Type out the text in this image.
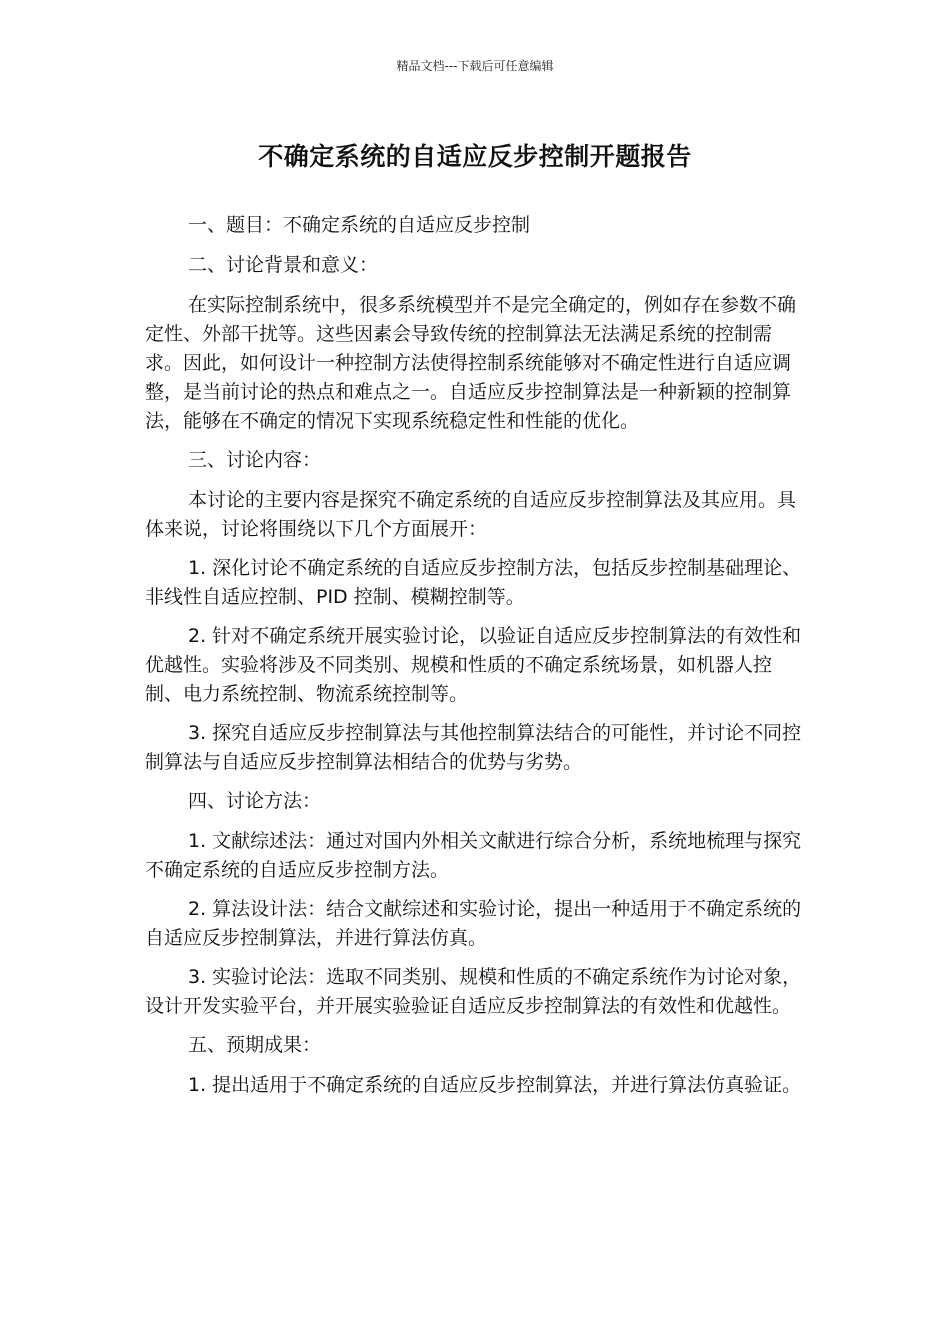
精品文档---下载后可任意编辑
不确定系统的自适应反步控制开题报告

一、题目：不确定系统的自适应反步控制

二、讨论背景和意义：

在实际控制系统中，很多系统模型并不是完全确定的，例如存在参数不确定性、外部干扰等。这些因素会导致传统的控制算法无法满足系统的控制需求。因此，如何设计一种控制方法使得控制系统能够对不确定性进行自适应调整，是当前讨论的热点和难点之一。自适应反步控制算法是一种新颖的控制算法，能够在不确定的情况下实现系统稳定性和性能的优化。

三、讨论内容：

本讨论的主要内容是探究不确定系统的自适应反步控制算法及其应用。具体来说，讨论将围绕以下几个方面展开：

1. 深化讨论不确定系统的自适应反步控制方法，包括反步控制基础理论、非线性自适应控制、PID 控制、模糊控制等。

2. 针对不确定系统开展实验讨论，以验证自适应反步控制算法的有效性和优越性。实验将涉及不同类别、规模和性质的不确定系统场景，如机器人控制、电力系统控制、物流系统控制等。

3. 探究自适应反步控制算法与其他控制算法结合的可能性，并讨论不同控制算法与自适应反步控制算法相结合的优势与劣势。

四、讨论方法：

1. 文献综述法：通过对国内外相关文献进行综合分析，系统地梳理与探究不确定系统的自适应反步控制方法。

2. 算法设计法：结合文献综述和实验讨论，提出一种适用于不确定系统的自适应反步控制算法，并进行算法仿真。

3. 实验讨论法：选取不同类别、规模和性质的不确定系统作为讨论对象，设计开发实验平台，并开展实验验证自适应反步控制算法的有效性和优越性。

五、预期成果：

1. 提出适用于不确定系统的自适应反步控制算法，并进行算法仿真验证。
